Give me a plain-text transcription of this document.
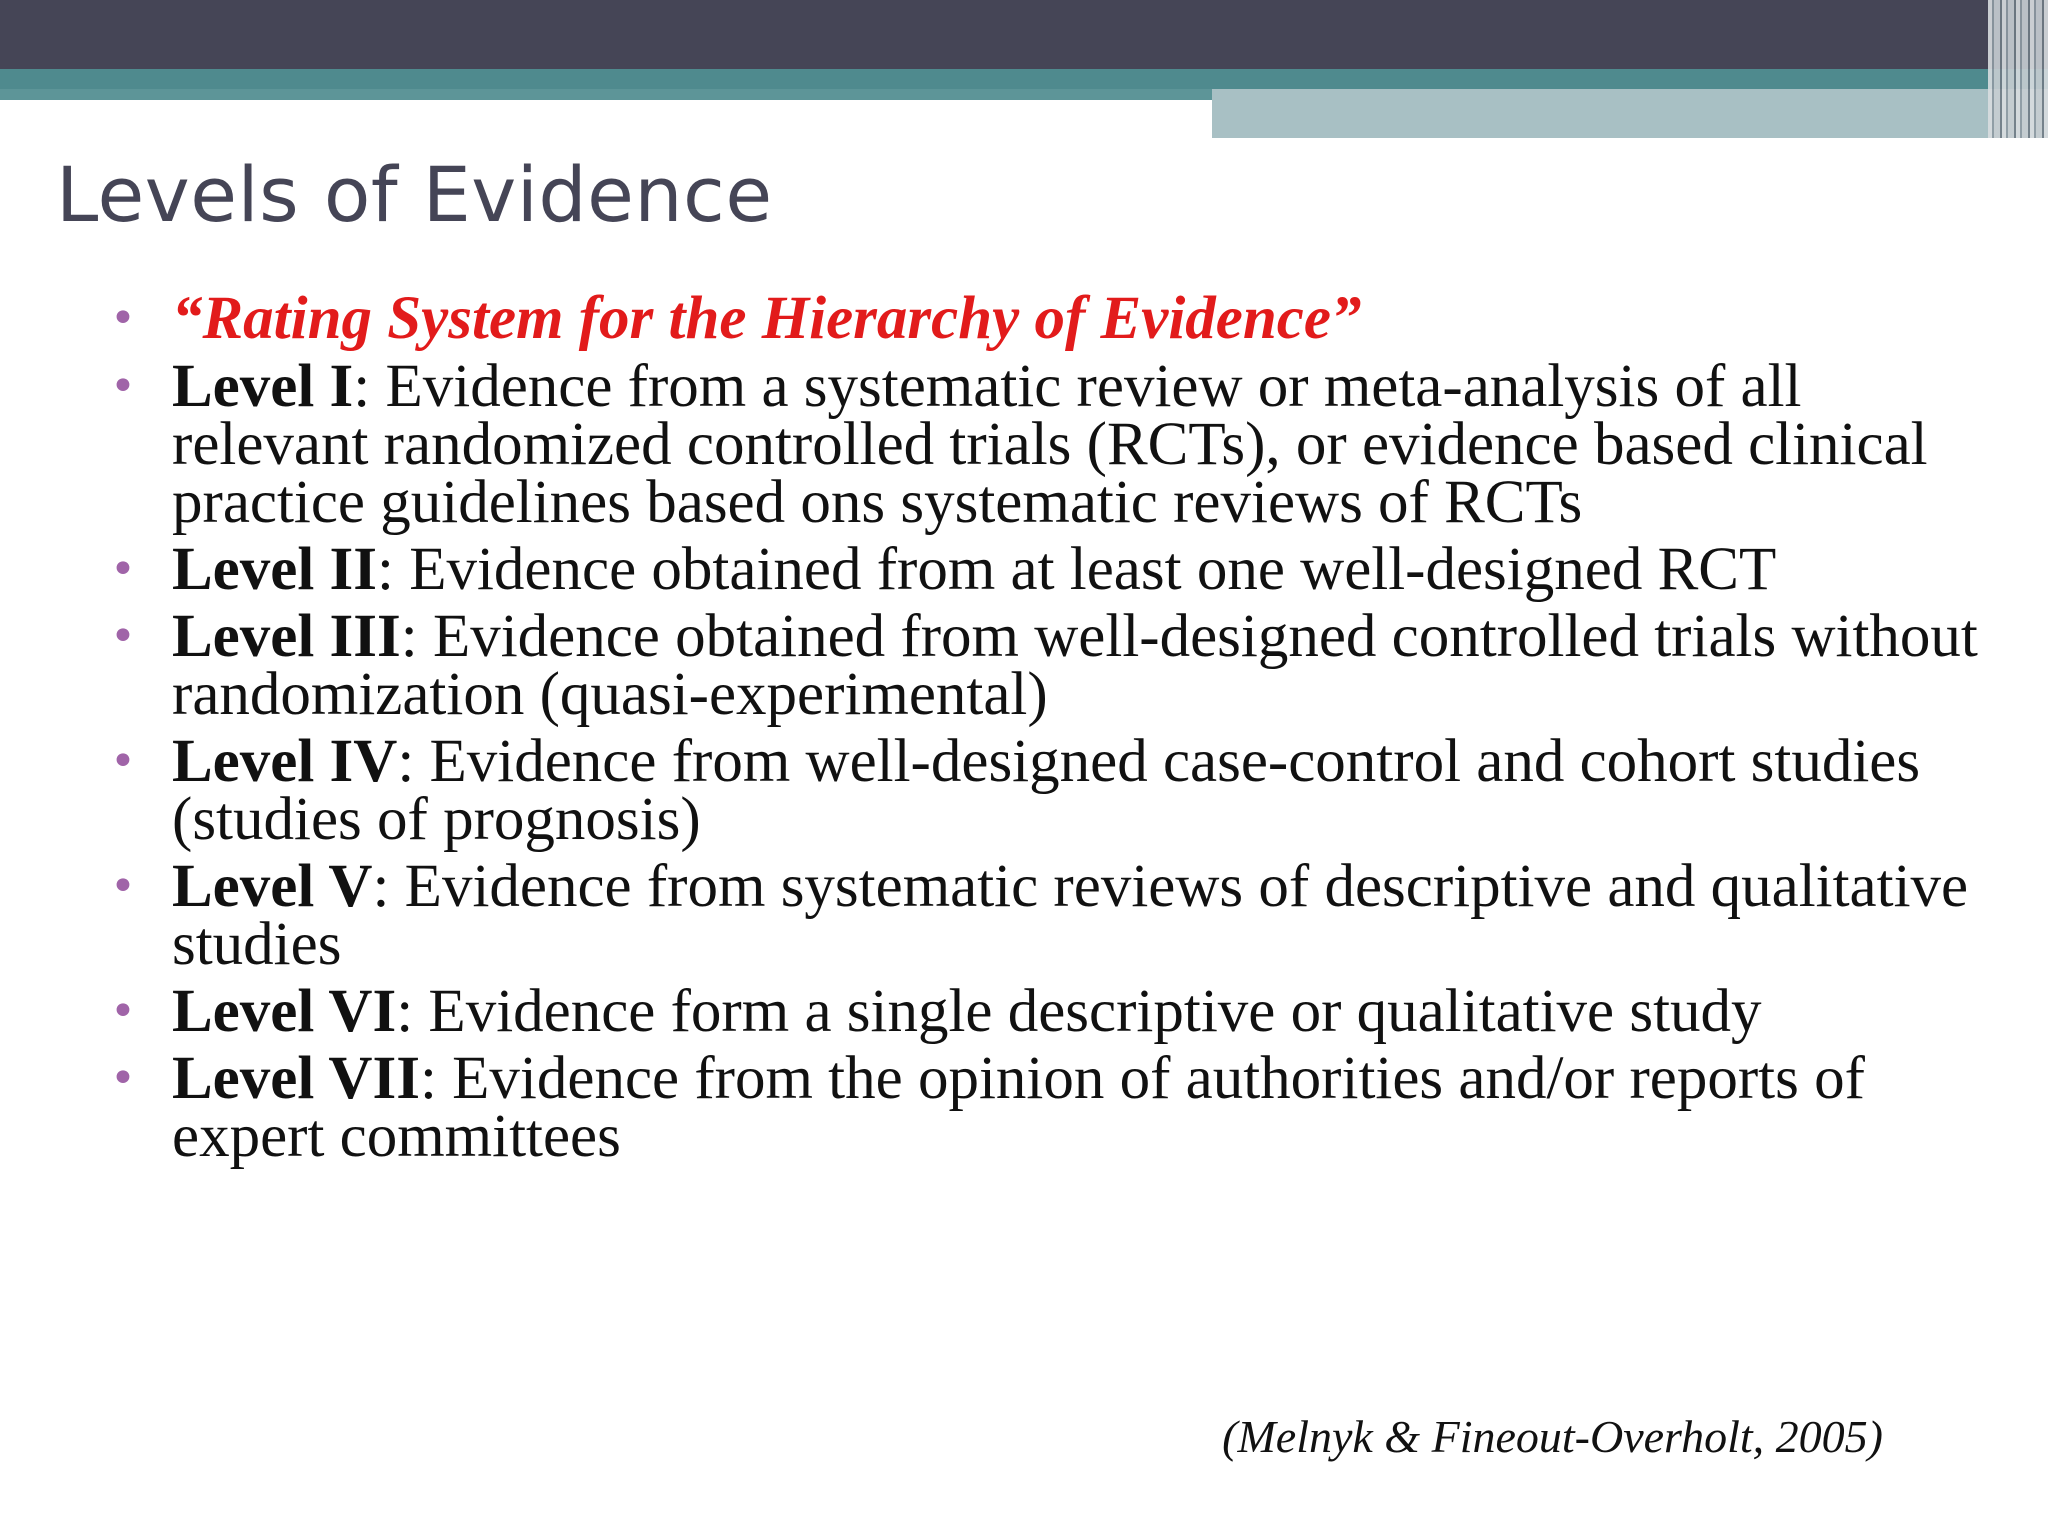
Levels of Evidence
• “Rating System for the Hierarchy of Evidence”
• Level I: Evidence from a systematic review or meta-analysis of all relevant randomized controlled trials (RCTs), or evidence based clinical practice guidelines based ons systematic reviews of RCTs
• Level II: Evidence obtained from at least one well-designed RCT
• Level III: Evidence obtained from well-designed controlled trials without randomization (quasi-experimental)
• Level IV: Evidence from well-designed case-control and cohort studies (studies of prognosis)
• Level V: Evidence from systematic reviews of descriptive and qualitative studies
• Level VI: Evidence form a single descriptive or qualitative study
• Level VII: Evidence from the opinion of authorities and/or reports of expert committees

(Melnyk & Fineout-Overholt, 2005)
